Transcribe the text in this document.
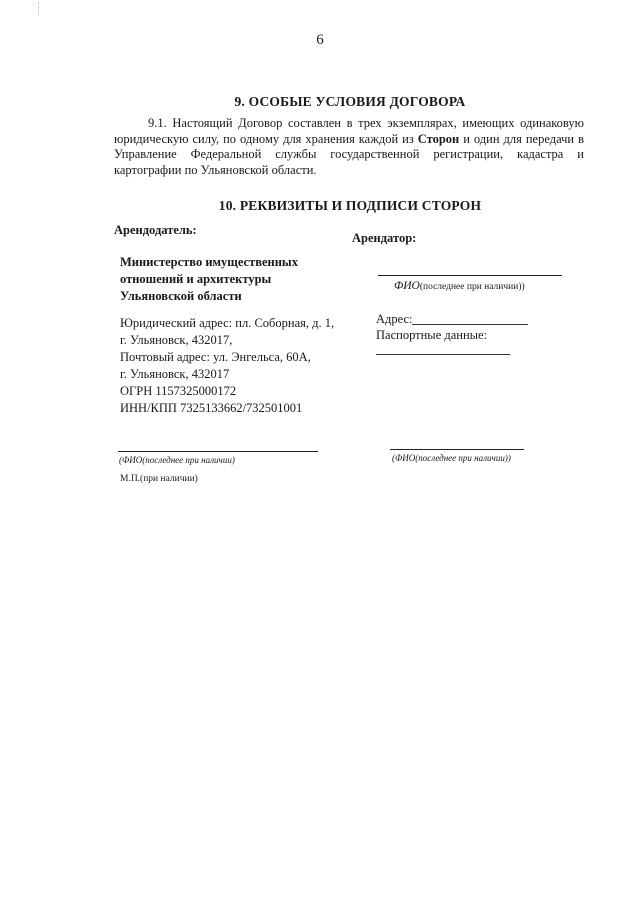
6
9. ОСОБЫЕ УСЛОВИЯ ДОГОВОРА
9.1. Настоящий Договор составлен в трех экземплярах, имеющих одинаковую юридическую силу, по одному для хранения каждой из Сторон и один для передачи в Управление Федеральной службы государственной регистрации, кадастра и картографии по Ульяновской области.
10. РЕКВИЗИТЫ И ПОДПИСИ СТОРОН
Арендодатель:
Министерство имущественных отношений и архитектуры Ульяновской области
Юридический адрес: пл. Соборная, д. 1,
г. Ульяновск, 432017,
Почтовый адрес: ул. Энгельса, 60А,
г. Ульяновск, 432017
ОГРН 1157325000172
ИНН/КПП 7325133662/732501001
(ФИО(последнее при наличии)
М.П.(при наличии)
Арендатор:
ФИО(последнее при наличии))
Адрес:
Паспортные данные:
(ФИО(последнее при наличии))
